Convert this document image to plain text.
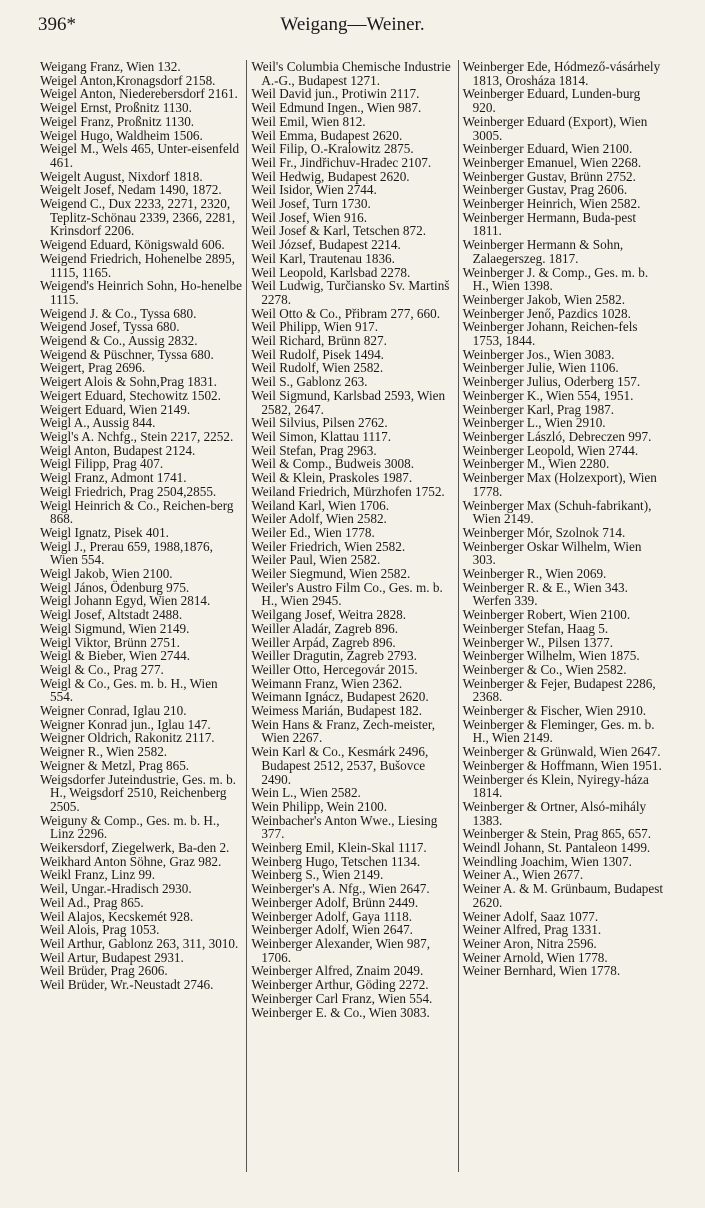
396*	Weigang—Weiner.

Weigang Franz, Wien 132.

Weigel Anton,Kronagsdorf 2158.

Weigel Anton, Niederebersdorf 2161.

Weigel Ernst, Proßnitz 1130.

Weigel Franz, Proßnitz 1130.

Weigel Hugo, Waldheim 1506.

Weigel M., Wels 465, Unter-eisenfeld 461.

Weigelt August, Nixdorf 1818.

Weigelt Josef, Nedam 1490, 1872.

Weigend C., Dux 2233, 2271, 2320, Teplitz-Schönau 2339, 2366, 2281, Krinsdorf 2206.

Weigend Eduard, Königswald 606.

Weigend Friedrich, Hohenelbe 2895, 1115, 1165.

Weigend's Heinrich Sohn, Ho-henelbe 1115.

Weigend J. & Co., Tyssa 680.

Weigend Josef, Tyssa 680.

Weigend & Co., Aussig 2832.

Weigend & Püschner, Tyssa 680.

Weigert, Prag 2696.

Weigert Alois & Sohn,Prag 1831.

Weigert Eduard, Stechowitz 1502.

Weigert Eduard, Wien 2149.

Weigl A., Aussig 844.

Weigl's A. Nchfg., Stein 2217, 2252.

Weigl Anton, Budapest 2124.

Weigl Filipp, Prag 407.

Weigl Franz, Admont 1741.

Weigl Friedrich, Prag 2504,2855.

Weigl Heinrich & Co., Reichen-berg 868.

Weigl Ignatz, Pisek 401.

Weigl J., Prerau 659, 1988,1876, Wien 554.

Weigl Jakob, Wien 2100.

Weigl János, Ödenburg 975.

Weigl Johann Egyd, Wien 2814.

Weigl Josef, Altstadt 2488.

Weigl Sigmund, Wien 2149.

Weigl Viktor, Brünn 2751.

Weigl & Bieber, Wien 2744.

Weigl & Co., Prag 277.

Weigl & Co., Ges. m. b. H., Wien 554.

Weigner Conrad, Iglau 210.

Weigner Konrad jun., Iglau 147.

Weigner Oldrich, Rakonitz 2117.

Weigner R., Wien 2582.

Weigner & Metzl, Prag 865.

Weigsdorfer Juteindustrie, Ges. m. b. H., Weigsdorf 2510, Reichenberg 2505.

Weiguny & Comp., Ges. m. b. H., Linz 2296.

Weikersdorf, Ziegelwerk, Ba-den 2.

Weikhard Anton Söhne, Graz 982.

Weikl Franz, Linz 99.

Weil, Ungar.-Hradisch 2930.

Weil Ad., Prag 865.

Weil Alajos, Kecskemét 928.

Weil Alois, Prag 1053.

Weil Arthur, Gablonz 263, 311, 3010.

Weil Artur, Budapest 2931.

Weil Brüder, Prag 2606.

Weil Brüder, Wr.-Neustadt 2746.

Weil's Columbia Chemische Industrie A.-G., Budapest 1271.

Weil David jun., Protiwin 2117.

Weil Edmund Ingen., Wien 987.

Weil Emil, Wien 812.

Weil Emma, Budapest 2620.

Weil Filip, O.-Kralowitz 2875.

Weil Fr., Jindřichuv-Hradec 2107.

Weil Hedwig, Budapest 2620.

Weil Isidor, Wien 2744.

Weil Josef, Turn 1730.

Weil Josef, Wien 916.

Weil Josef & Karl, Tetschen 872.

Weil József, Budapest 2214.

Weil Karl, Trautenau 1836.

Weil Leopold, Karlsbad 2278.

Weil Ludwig, Turčiansko Sv. Martinš 2278.

Weil Otto & Co., Přibram 277, 660.

Weil Philipp, Wien 917.

Weil Richard, Brünn 827.

Weil Rudolf, Pisek 1494.

Weil Rudolf, Wien 2582.

Weil S., Gablonz 263.

Weil Sigmund, Karlsbad 2593, Wien 2582, 2647.

Weil Silvius, Pilsen 2762.

Weil Simon, Klattau 1117.

Weil Stefan, Prag 2963.

Weil & Comp., Budweis 3008.

Weil & Klein, Praskoles 1987.

Weiland Friedrich, Mürzhofen 1752.

Weiland Karl, Wien 1706.

Weiler Adolf, Wien 2582.

Weiler Ed., Wien 1778.

Weiler Friedrich, Wien 2582.

Weiler Paul, Wien 2582.

Weiler Siegmund, Wien 2582.

Weiler's Austro Film Co., Ges. m. b. H., Wien 2945.

Weilgang Josef, Weitra 2828.

Weiller Aladár, Zagreb 896.

Weiller Arpád, Zagreb 896.

Weiller Dragutin, Zagreb 2793.

Weiller Otto, Hercegovár 2015.

Weimann Franz, Wien 2362.

Weimann Ignácz, Budapest 2620.

Weimess Marián, Budapest 182.

Wein Hans & Franz, Zech-meister, Wien 2267.

Wein Karl & Co., Kesmárk 2496, Budapest 2512, 2537, Bušovce 2490.

Wein L., Wien 2582.

Wein Philipp, Wein 2100.

Weinbacher's Anton Wwe., Liesing 377.

Weinberg Emil, Klein-Skal 1117.

Weinberg Hugo, Tetschen 1134.

Weinberg S., Wien 2149.

Weinberger's A. Nfg., Wien 2647.

Weinberger Adolf, Brünn 2449.

Weinberger Adolf, Gaya 1118.

Weinberger Adolf, Wien 2647.

Weinberger Alexander, Wien 987, 1706.

Weinberger Alfred, Znaim 2049.

Weinberger Arthur, Göding 2272.

Weinberger Carl Franz, Wien 554.

Weinberger E. & Co., Wien 3083.

Weinberger Ede, Hódmező-vásárhely 1813, Orosháza 1814.

Weinberger Eduard, Lunden-burg 920.

Weinberger Eduard (Export), Wien 3005.

Weinberger Eduard, Wien 2100.

Weinberger Emanuel, Wien 2268.

Weinberger Gustav, Brünn 2752.

Weinberger Gustav, Prag 2606.

Weinberger Heinrich, Wien 2582.

Weinberger Hermann, Buda-pest 1811.

Weinberger Hermann & Sohn, Zalaegerszeg. 1817.

Weinberger J. & Comp., Ges. m. b. H., Wien 1398.

Weinberger Jakob, Wien 2582.

Weinberger Jenő, Pazdics 1028.

Weinberger Johann, Reichen-fels 1753, 1844.

Weinberger Jos., Wien 3083.

Weinberger Julie, Wien 1106.

Weinberger Julius, Oderberg 157.

Weinberger K., Wien 554, 1951.

Weinberger Karl, Prag 1987.

Weinberger L., Wien 2910.

Weinberger László, Debreczen 997.

Weinberger Leopold, Wien 2744.

Weinberger M., Wien 2280.

Weinberger Max (Holzexport), Wien 1778.

Weinberger Max (Schuh-fabrikant), Wien 2149.

Weinberger Mór, Szolnok 714.

Weinberger Oskar Wilhelm, Wien 303.

Weinberger R., Wien 2069.

Weinberger R. & E., Wien 343. Werfen 339.

Weinberger Robert, Wien 2100.

Weinberger Stefan, Haag 5.

Weinberger W., Pilsen 1377.

Weinberger Wilhelm, Wien 1875.

Weinberger & Co., Wien 2582.

Weinberger & Fejer, Budapest 2286, 2368.

Weinberger & Fischer, Wien 2910.

Weinberger & Fleminger, Ges. m. b. H., Wien 2149.

Weinberger & Grünwald, Wien 2647.

Weinberger & Hoffmann, Wien 1951.

Weinberger és Klein, Nyiregy-háza 1814.

Weinberger & Ortner, Alsó-mihály 1383.

Weinberger & Stein, Prag 865, 657.

Weindl Johann, St. Pantaleon 1499.

Weindling Joachim, Wien 1307.

Weiner A., Wien 2677.

Weiner A. & M. Grünbaum, Budapest 2620.

Weiner Adolf, Saaz 1077.

Weiner Alfred, Prag 1331.

Weiner Aron, Nitra 2596.

Weiner Arnold, Wien 1778.

Weiner Bernhard, Wien 1778.
